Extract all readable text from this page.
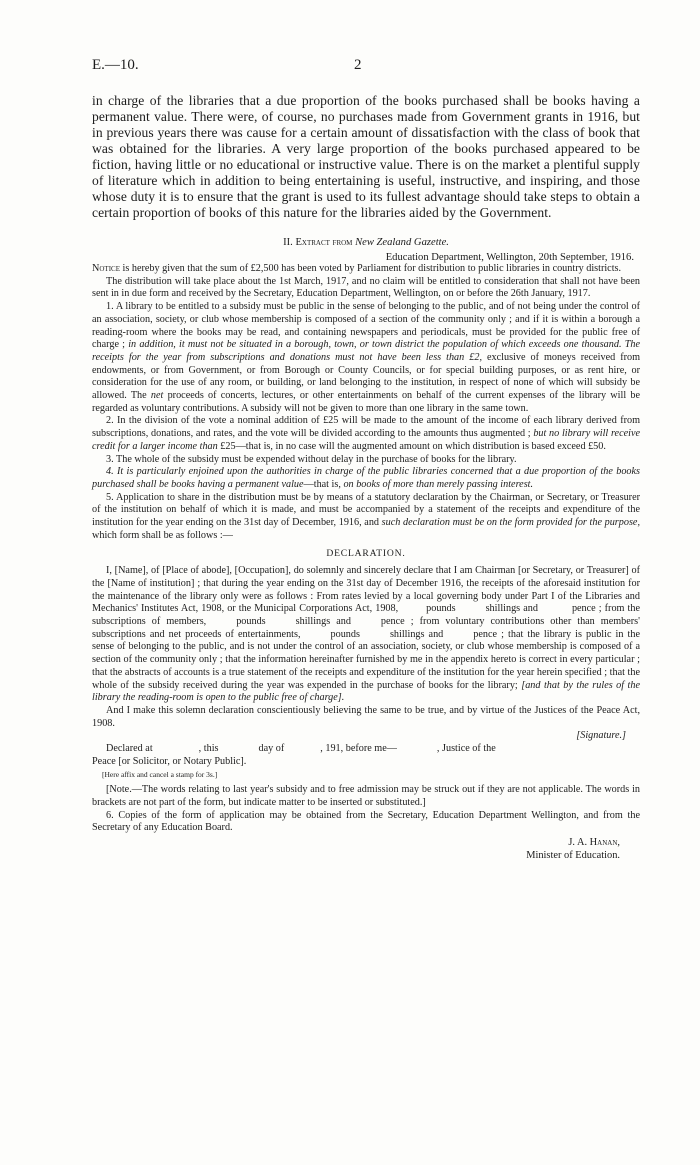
E.—10.	2

in charge of the libraries that a due proportion of the books purchased shall be books having a permanent value. There were, of course, no purchases made from Government grants in 1916, but in previous years there was cause for a certain amount of dissatisfaction with the class of book that was obtained for the libraries. A very large proportion of the books purchased appeared to be fiction, having little or no educational or instructive value. There is on the market a plentiful supply of literature which in addition to being entertaining is useful, instructive, and inspiring, and those whose duty it is to ensure that the grant is used to its fullest advantage should take steps to obtain a certain proportion of books of this nature for the libraries aided by the Government.

II. Extract from New Zealand Gazette.
Education Department, Wellington, 20th September, 1916.

Notice is hereby given that the sum of £2,500 has been voted by Parliament for distribution to public libraries in country districts.

The distribution will take place about the 1st March, 1917, and no claim will be entitled to consideration that shall not have been sent in in due form and received by the Secretary, Education Department, Wellington, on or before the 26th January, 1917.

1. A library to be entitled to a subsidy must be public in the sense of belonging to the public, and of not being under the control of an association, society, or club whose membership is composed of a section of the community only ; and if it is within a borough a reading-room where the books may be read, and containing newspapers and periodicals, must be provided for the public free of charge ; in addition, it must not be situated in a borough, town, or town district the population of which exceeds one thousand. The receipts for the year from subscriptions and donations must not have been less than £2, exclusive of moneys received from endowments, or from Government, or from Borough or County Councils, or for special building purposes, or as rent hire, or consideration for the use of any room, or building, or land belonging to the institution, in respect of none of which will subsidy be allowed. The net proceeds of concerts, lectures, or other entertainments on behalf of the current expenses of the library will be regarded as voluntary contributions. A subsidy will not be given to more than one library in the same town.

2. In the division of the vote a nominal addition of £25 will be made to the amount of the income of each library derived from subscriptions, donations, and rates, and the vote will be divided according to the amounts thus augmented ; but no library will receive credit for a larger income than £25—that is, in no case will the augmented amount on which distribution is based exceed £50.

3. The whole of the subsidy must be expended without delay in the purchase of books for the library.

4. It is particularly enjoined upon the authorities in charge of the public libraries concerned that a due proportion of the books purchased shall be books having a permanent value—that is, on books of more than merely passing interest.

5. Application to share in the distribution must be by means of a statutory declaration by the Chairman, or Secretary, or Treasurer of the institution on behalf of which it is made, and must be accompanied by a statement of the receipts and expenditure of the institution for the year ending on the 31st day of December, 1916, and such declaration must be on the form provided for the purpose, which form shall be as follows :—

DECLARATION.

I, [Name], of [Place of abode], [Occupation], do solemnly and sincerely declare that I am Chairman [or Secretary, or Treasurer] of the [Name of institution] ; that during the year ending on the 31st day of December 1916, the receipts of the aforesaid institution for the maintenance of the library only were as follows : From rates levied by a local governing body under Part I of the Libraries and Mechanics' Institutes Act, 1908, or the Municipal Corporations Act, 1908,	pounds	shillings and	pence ; from the subscriptions of members,	pounds	shillings and	pence ; from voluntary contributions other than members' subscriptions and net proceeds of entertainments,	pounds	shillings and	pence ; that the library is public in the sense of belonging to the public, and is not under the control of an association, society, or club whose membership is composed of a section of the community only ; that the information hereinafter furnished by me in the appendix hereto is correct in every particular ; that the abstracts of accounts is a true statement of the receipts and expenditure of the institution for the year herein specified ; that the whole of the subsidy received during the year was expended in the purchase of books for the library; [and that by the rules of the library the reading-room is open to the public free of charge].

And I make this solemn declaration conscientiously believing the same to be true, and by virtue of the Justices of the Peace Act, 1908.

[Signature.]

Declared at	, this	day of	, 191, before me—	, Justice of the

Peace [or Solicitor, or Notary Public].

[Here affix and cancel a stamp for 3s.]

[Note.—The words relating to last year's subsidy and to free admission may be struck out if they are not applicable. The words in brackets are not part of the form, but indicate matter to be inserted or substituted.]

6. Copies of the form of application may be obtained from the Secretary, Education Department Wellington, and from the Secretary of any Education Board.

J. A. Hanan,
Minister of Education.
